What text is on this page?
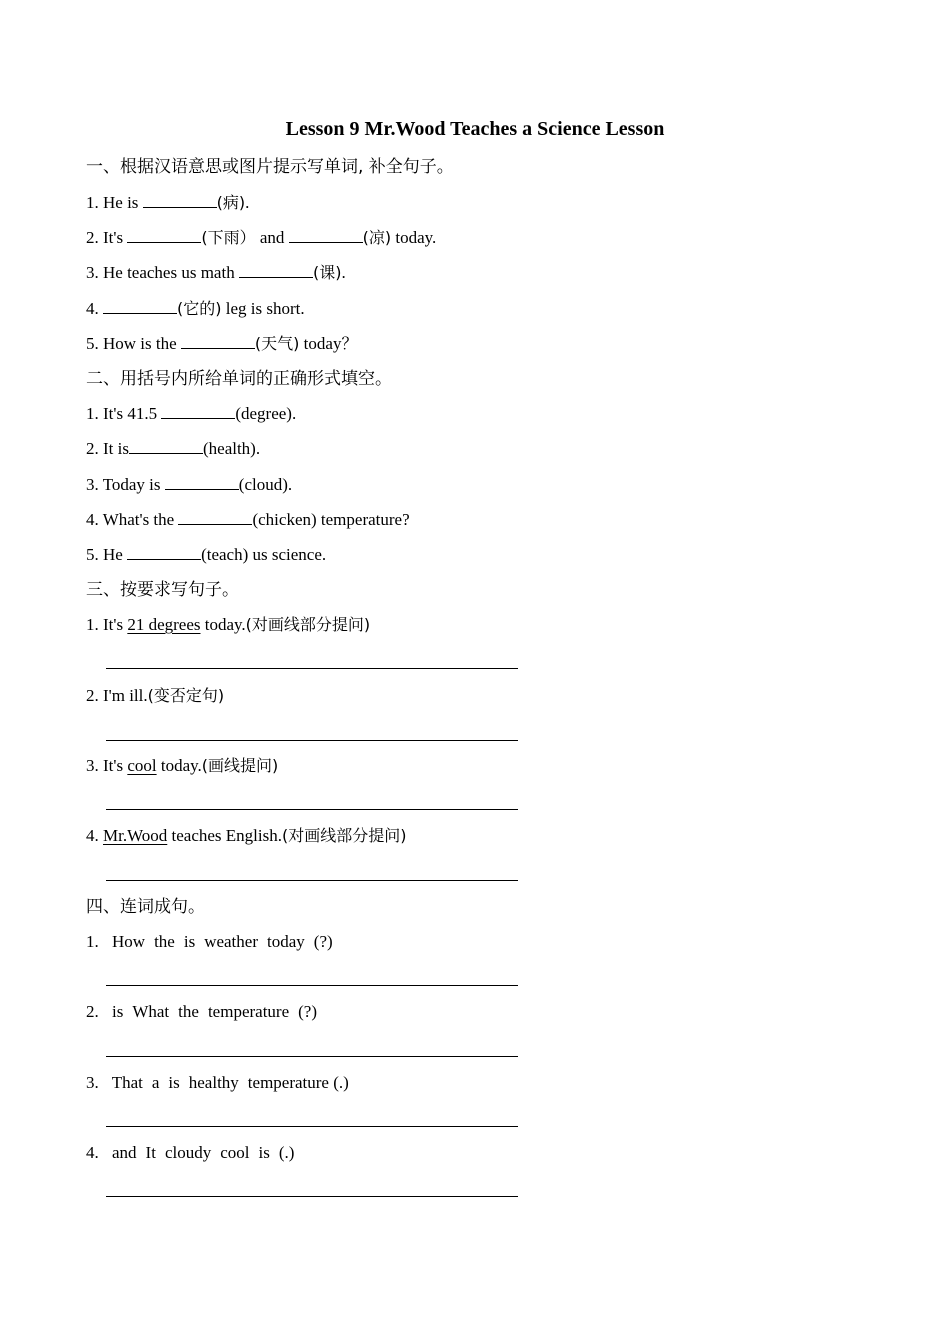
Lesson 9 Mr.Wood Teaches a Science Lesson
一、根据汉语意思或图片提示写单词, 补全句子。
1. He is	(病).
2. It's	(下雨） and	(凉) today.
3. He teaches us math	(课).
4.	(它的) leg is short.
5. How is the	(天气) today？
二、用括号内所给单词的正确形式填空。
1. It's 41.5	(degree).
2. It is	(health).
3. Today is	(cloud).
4. What's the	(chicken) temperature?
5. He	(teach) us science.
三、按要求写句子。
1. It's 21 degrees today.(对画线部分提问)
2. I'm ill.(变否定句)
3. It's cool today.(画线提问)
4. Mr.Wood teaches English.(对画线部分提问)
四、连词成句。
1. How the is weather today (?)
2. is What the temperature (?)
3. That a is healthy temperature (.)
4. and It cloudy cool is (.)
